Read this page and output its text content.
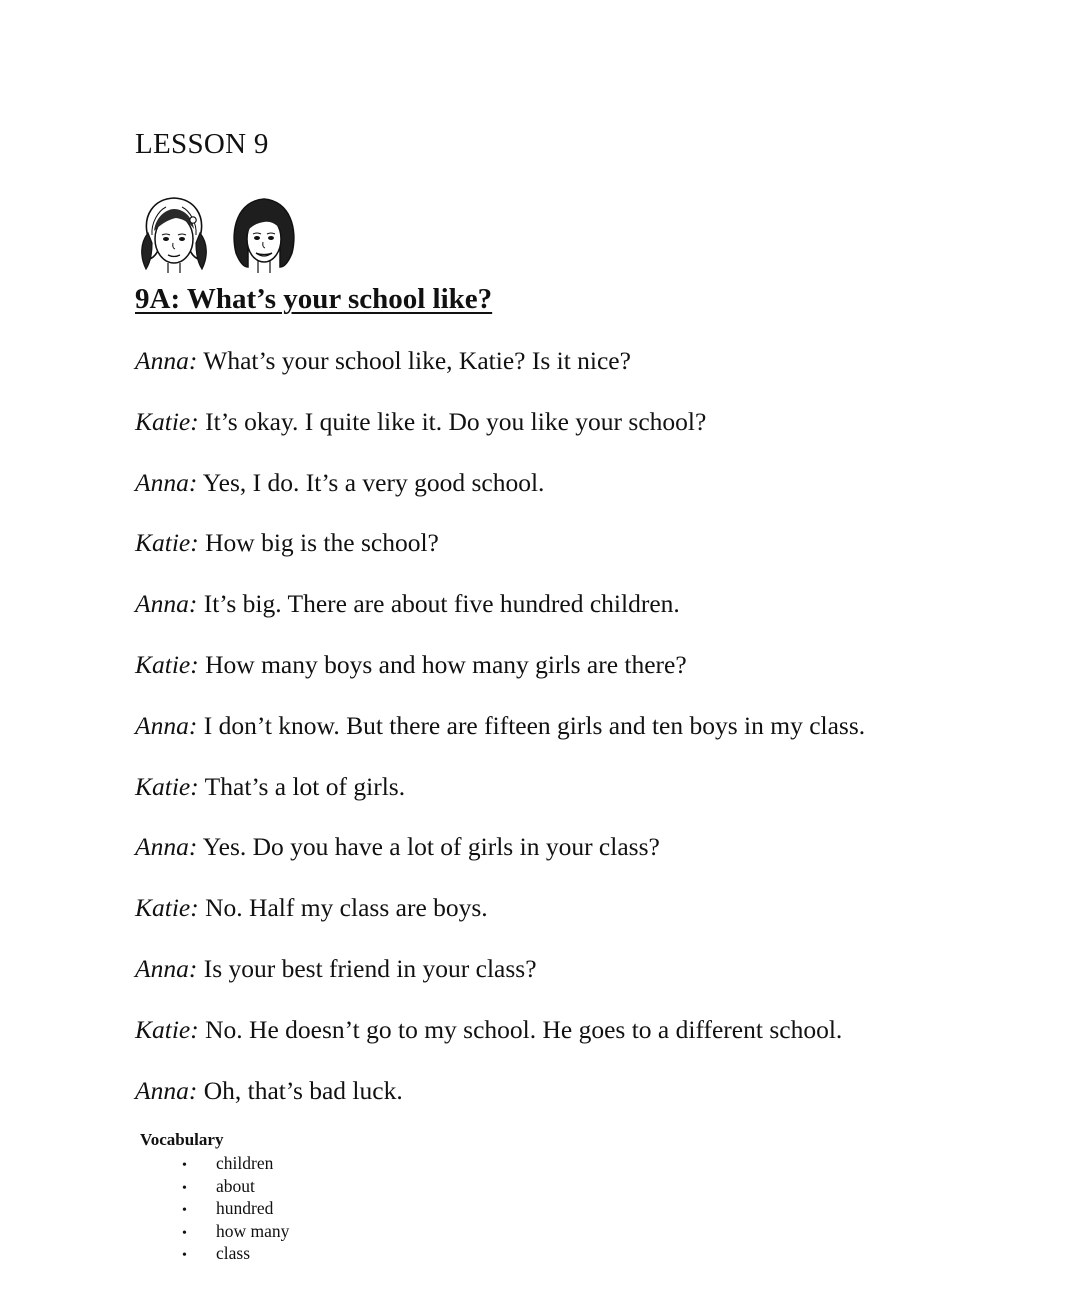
LESSON 9
9A: What’s your school like?
Anna: What’s your school like, Katie? Is it nice?
Katie: It’s okay. I quite like it. Do you like your school?
Anna: Yes, I do. It’s a very good school.
Katie: How big is the school?
Anna: It’s big. There are about five hundred children.
Katie: How many boys and how many girls are there?
Anna: I don’t know. But there are fifteen girls and ten boys in my class.
Katie: That’s a lot of girls.
Anna: Yes. Do you have a lot of girls in your class?
Katie: No. Half my class are boys.
Anna: Is your best friend in your class?
Katie: No. He doesn’t go to my school. He goes to a different school.
Anna: Oh, that’s bad luck.
Vocabulary
• children
• about
• hundred
• how many
• class
